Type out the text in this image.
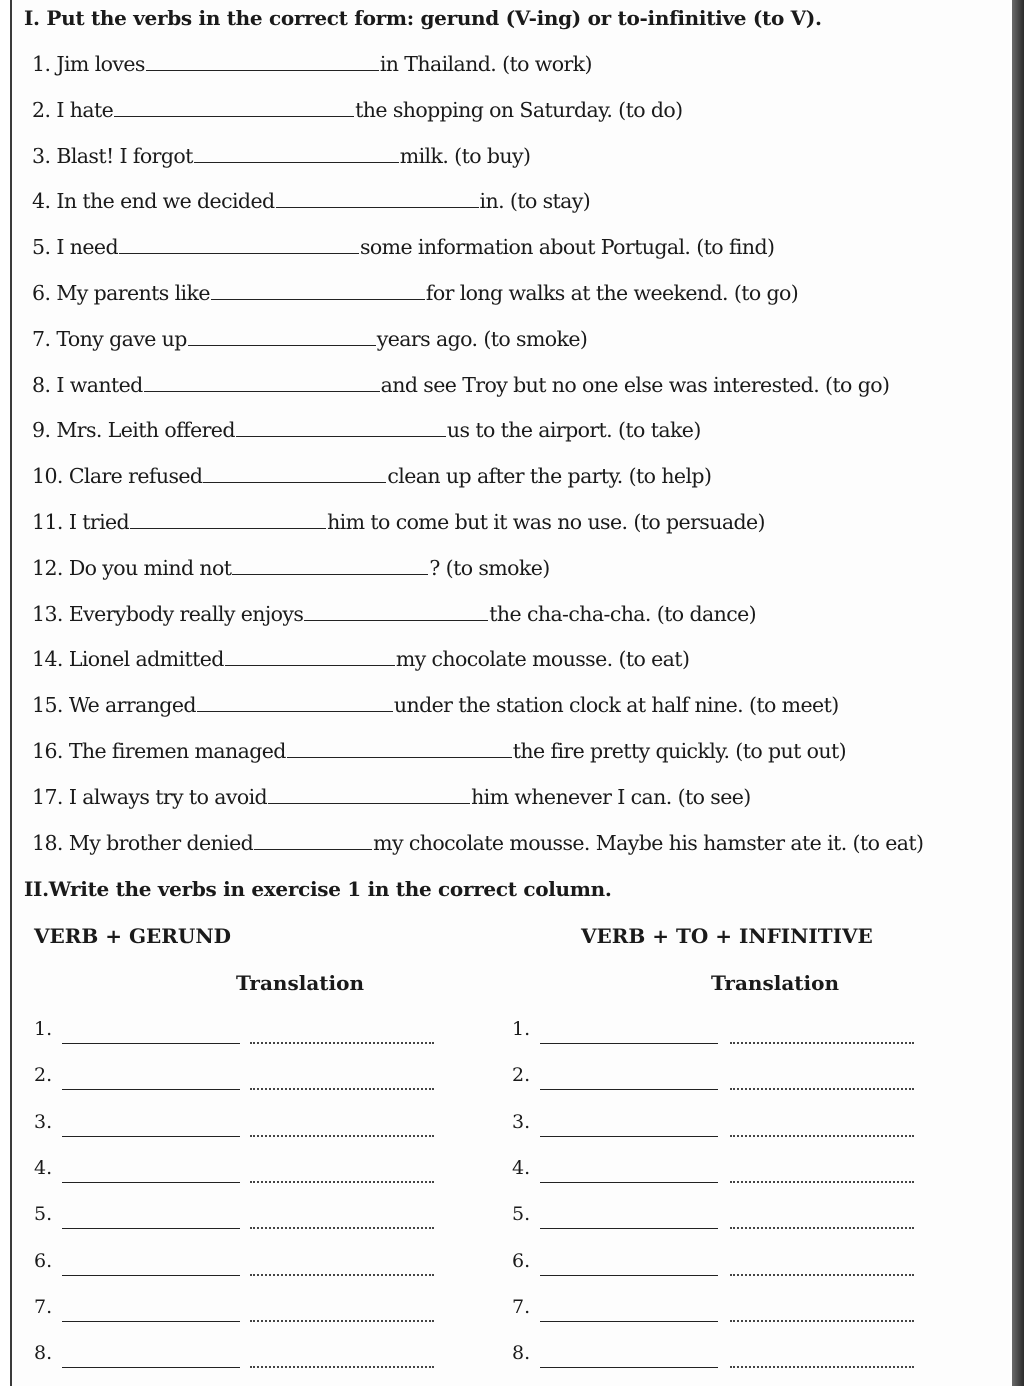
I. Put the verbs in the correct form: gerund (V-ing) or to-infinitive (to V).
1. Jim loves	in Thailand. (to work)
2. I hate	the shopping on Saturday. (to do)
3. Blast! I forgot	milk. (to buy)
4. In the end we decided	in. (to stay)
5. I need	some information about Portugal. (to find)
6. My parents like	for long walks at the weekend. (to go)
7. Tony gave up	years ago. (to smoke)
8. I wanted	and see Troy but no one else was interested. (to go)
9. Mrs. Leith offered	us to the airport. (to take)
10. Clare refused	clean up after the party. (to help)
11. I tried	him to come but it was no use. (to persuade)
12. Do you mind not	? (to smoke)
13. Everybody really enjoys	the cha-cha-cha. (to dance)
14. Lionel admitted	my chocolate mousse. (to eat)
15. We arranged	under the station clock at half nine. (to meet)
16. The firemen managed	the fire pretty quickly. (to put out)
17. I always try to avoid	him whenever I can. (to see)
18. My brother denied	my chocolate mousse. Maybe his hamster ate it. (to eat)
II.Write the verbs in exercise 1 in the correct column.
VERB + GERUND	VERB + TO + INFINITIVE
Translation	Translation
1.	1.
2.	2.
3.	3.
4.	4.
5.	5.
6.	6.
7.	7.
8.	8.
